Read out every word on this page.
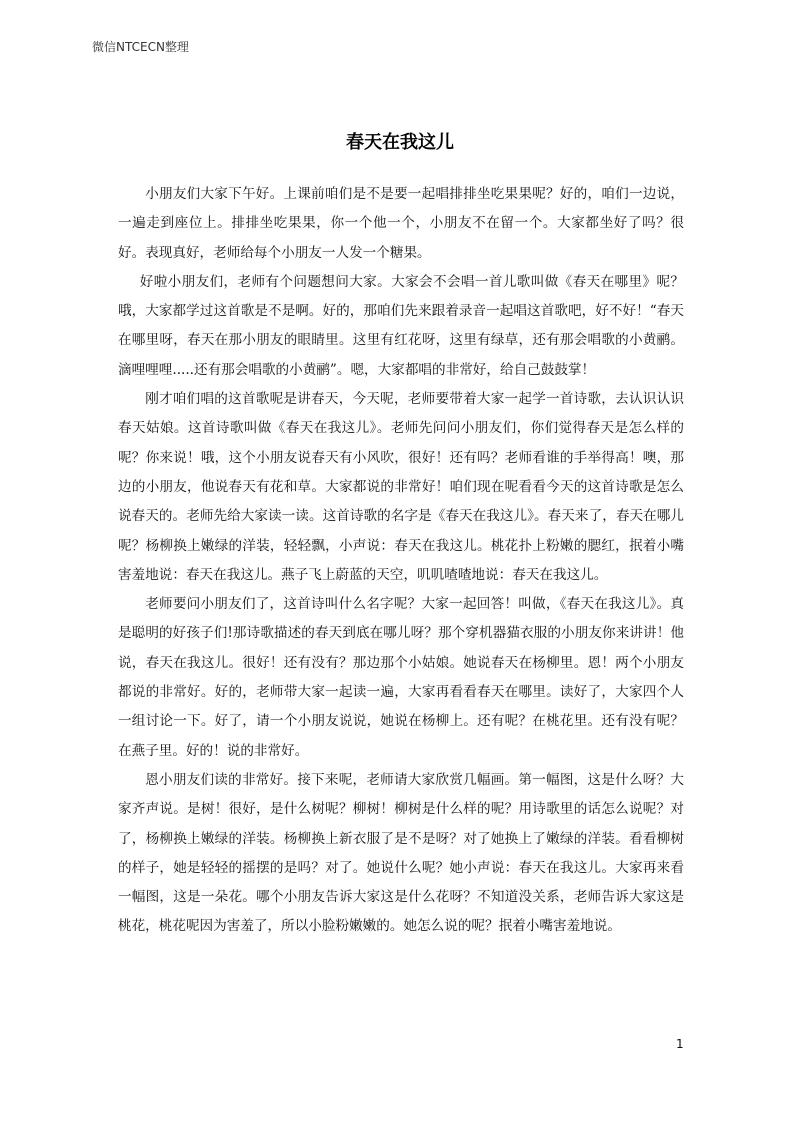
微信NTCECN整理
春天在我这儿

小朋友们大家下午好。上课前咱们是不是要一起唱排排坐吃果果呢？好的，咱们一边说，一遍走到座位上。排排坐吃果果，你一个他一个，小朋友不在留一个。大家都坐好了吗？很好。表现真好，老师给每个小朋友一人发一个糖果。

好啦小朋友们，老师有个问题想问大家。大家会不会唱一首儿歌叫做《春天在哪里》呢？哦，大家都学过这首歌是不是啊。好的，那咱们先来跟着录音一起唱这首歌吧，好不好！“春天在哪里呀，春天在那小朋友的眼睛里。这里有红花呀，这里有绿草，还有那会唱歌的小黄鹂。滴哩哩哩.....还有那会唱歌的小黄鹂”。嗯，大家都唱的非常好，给自己鼓鼓掌！

刚才咱们唱的这首歌呢是讲春天，今天呢，老师要带着大家一起学一首诗歌，去认识认识春天姑娘。这首诗歌叫做《春天在我这儿》。老师先问问小朋友们，你们觉得春天是怎么样的呢？你来说！哦，这个小朋友说春天有小风吹，很好！还有吗？老师看谁的手举得高！噢，那边的小朋友，他说春天有花和草。大家都说的非常好！咱们现在呢看看今天的这首诗歌是怎么说春天的。老师先给大家读一读。这首诗歌的名字是《春天在我这儿》。春天来了，春天在哪儿呢？杨柳换上嫩绿的洋装，轻轻飘，小声说：春天在我这儿。桃花扑上粉嫩的腮红，抿着小嘴害羞地说：春天在我这儿。燕子飞上蔚蓝的天空，叽叽喳喳地说：春天在我这儿。

老师要问小朋友们了，这首诗叫什么名字呢？大家一起回答！叫做，《春天在我这儿》。真是聪明的好孩子们!那诗歌描述的春天到底在哪儿呀？那个穿机器猫衣服的小朋友你来讲讲！他说，春天在我这儿。很好！还有没有？那边那个小姑娘。她说春天在杨柳里。恩！两个小朋友都说的非常好。好的，老师带大家一起读一遍，大家再看看春天在哪里。读好了，大家四个人一组讨论一下。好了，请一个小朋友说说，她说在杨柳上。还有呢？在桃花里。还有没有呢？在燕子里。好的！说的非常好。

恩小朋友们读的非常好。接下来呢，老师请大家欣赏几幅画。第一幅图，这是什么呀？大家齐声说。是树！很好，是什么树呢？柳树！柳树是什么样的呢？用诗歌里的话怎么说呢？对了，杨柳换上嫩绿的洋装。杨柳换上新衣服了是不是呀？对了她换上了嫩绿的洋装。看看柳树的样子，她是轻轻的摇摆的是吗？对了。她说什么呢？她小声说：春天在我这儿。大家再来看一幅图，这是一朵花。哪个小朋友告诉大家这是什么花呀？不知道没关系，老师告诉大家这是桃花，桃花呢因为害羞了，所以小脸粉嫩嫩的。她怎么说的呢？抿着小嘴害羞地说。

1
